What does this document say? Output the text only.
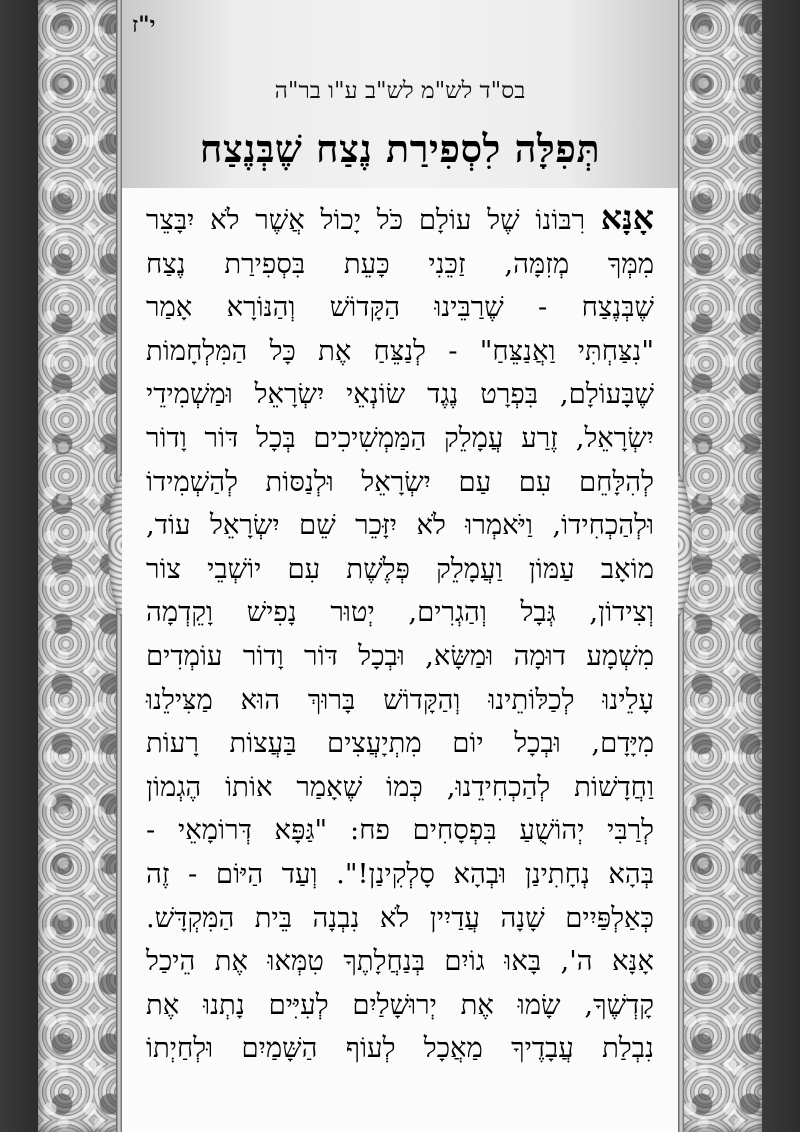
י"ז
בס"ד לש"מ לש"ב ע"ו בר"ה
תְּפִלָּה לִסְפִירַת נֶצַח שֶׁבְּנֶצַח
אָנָּא רִבּוֹנוֹ שֶׁל עוֹלָם כֹּל יָכוֹל אֲשֶׁר לֹא יִבָּצֵר
מִמְּךָ מְזִמָּה, זַכֵּנִי כָּעֵת בִּסְפִירַת נֶצַח
שֶׁבְּנֶצַח - שֶׁרַבֵּינוּ הַקָּדוֹשׁ וְהַנּוֹרָא אָמַר
"נִצַּחְתִּי וַאֲנַצֵּחַ" - לְנַצֵּחַ אֶת כָּל הַמִּלְחָמוֹת
שֶׁבָּעוֹלָם, בִּפְרָט נֶגֶד שׂוֹנְאֵי יִשְׂרָאֵל וּמַשְׁמִידֵי
יִשְׂרָאֵל, זֶרַע עֲמָלֵק הַמַּמְשִׁיכִים בְּכָל דּוֹר וָדוֹר
לְהִלָּחֵם עִם עַם יִשְׂרָאֵל וּלְנַסּוֹת לְהַשְׁמִידוֹ
וּלְהַכְחִידוֹ, וַיֹּאמְרוּ לֹא יִזָּכֵר שֵׁם יִשְׂרָאֵל עוֹד,
מוֹאָב עַמּוֹן וַעֲמָלֵק פְּלֶשֶׁת עִם יוֹשְׁבֵי צוֹר
וְצִידוֹן, גְּבָל וְהַגְרִים, יְטוּר נָפִישׁ וָקֵדְמָה
מִשְׁמָע דוּמָה וּמַשָּׂא, וּבְכָל דּוֹר וָדוֹר עוֹמְדִים
עָלֵינוּ לְכַלּוֹתֵינוּ וְהַקָּדוֹשׁ בָּרוּךְ הוּא מַצִּילֵנוּ
מִיָּדָם, וּבְכָל יוֹם מִתְיָעֲצִים בַּעֲצוֹת רָעוֹת
וַחֲדָשׁוֹת לְהַכְחִידֵנוּ, כְּמוֹ שֶׁאָמַר אוֹתוֹ הֶגְמוֹן
לְרַבִּי יְהוֹשֻׁעַ בִּפְסָחִים פח: "גַּפָּא דְּרוֹמָאֵי -
בְּהָא נְחָתִינַן וּבְהָא סָלְקִינַן!". וְעַד הַיּוֹם - זֶה
כְּאַלְפַּיִים שָׁנָה עֲדַיִין לֹא נִבְנָה בֵּית הַמִּקְדָּשׁ.
אָנָּא ה', בָּאוּ גוֹיִם בְּנַחֲלָתֶךָ טִמְּאוּ אֶת הֵיכַל
קָדְשֶׁךָ, שָׂמוּ אֶת יְרוּשָׁלַיִם לְעִיִּים נָתְנוּ אֶת
נִבְלַת עֲבָדֶיךָ מַאֲכָל לְעוֹף הַשָּׁמַיִם וּלְחַיְתוֹ
